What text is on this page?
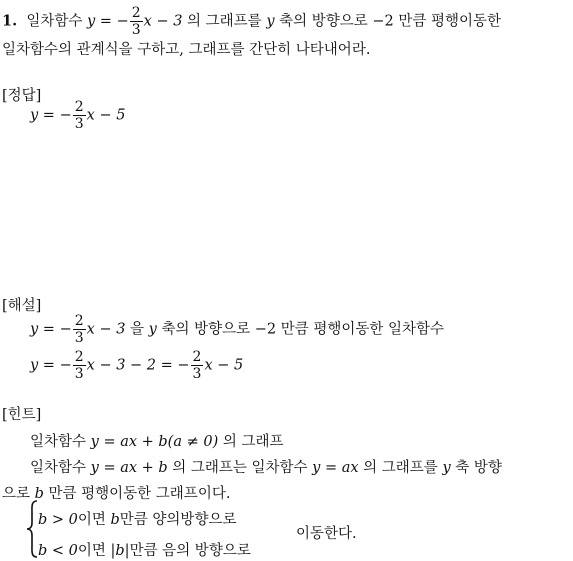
1. 일차함수 y = − $\frac{2}{3}$ x − 3 의 그래프를 y 축의 방향으로 −2 만큼 평행이동한
일차함수의 관계식을 구하고, 그래프를 간단히 나타내어라.
[정답]
y = − $\frac{2}{3}$ x − 5
[해설]
y = − $\frac{2}{3}$ x − 3 을 y 축의 방향으로 −2 만큼 평행이동한 일차함수
y = − $\frac{2}{3}$ x − 3 − 2 = − $\frac{2}{3}$ x − 5
[힌트]
일차함수 y = ax + b(a ≠ 0) 의 그래프
일차함수 y = ax + b 의 그래프는 일차함수 y = ax 의 그래프를 y 축 방향
으로 b 만큼 평행이동한 그래프이다.
b > 0이면 b만큼 양의방향으로
b < 0이면 |b|만큼 음의 방향으로
이동한다.
